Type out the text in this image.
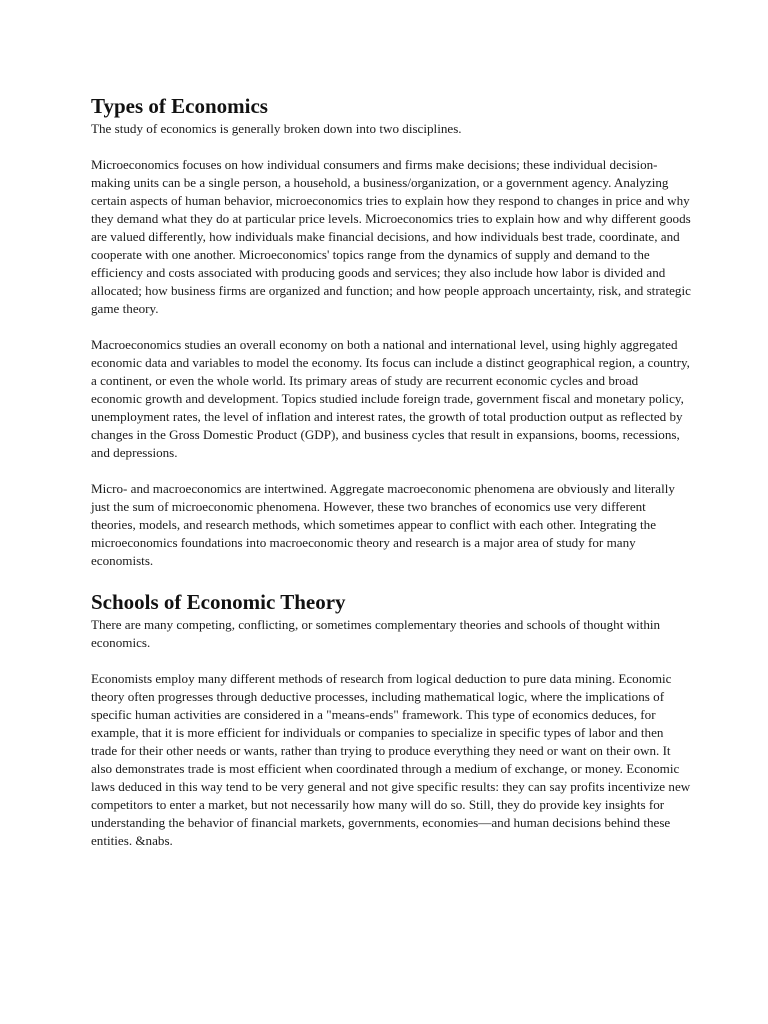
Types of Economics

The study of economics is generally broken down into two disciplines.

Microeconomics focuses on how individual consumers and firms make decisions; these individual decision-making units can be a single person, a household, a business/organization, or a government agency. Analyzing certain aspects of human behavior, microeconomics tries to explain how they respond to changes in price and why they demand what they do at particular price levels. Microeconomics tries to explain how and why different goods are valued differently, how individuals make financial decisions, and how individuals best trade, coordinate, and cooperate with one another. Microeconomics' topics range from the dynamics of supply and demand to the efficiency and costs associated with producing goods and services; they also include how labor is divided and allocated; how business firms are organized and function; and how people approach uncertainty, risk, and strategic game theory.

Macroeconomics studies an overall economy on both a national and international level, using highly aggregated economic data and variables to model the economy. Its focus can include a distinct geographical region, a country, a continent, or even the whole world. Its primary areas of study are recurrent economic cycles and broad economic growth and development. Topics studied include foreign trade, government fiscal and monetary policy, unemployment rates, the level of inflation and interest rates, the growth of total production output as reflected by changes in the Gross Domestic Product (GDP), and business cycles that result in expansions, booms, recessions, and depressions.

Micro- and macroeconomics are intertwined. Aggregate macroeconomic phenomena are obviously and literally just the sum of microeconomic phenomena. However, these two branches of economics use very different theories, models, and research methods, which sometimes appear to conflict with each other. Integrating the microeconomics foundations into macroeconomic theory and research is a major area of study for many economists.

Schools of Economic Theory

There are many competing, conflicting, or sometimes complementary theories and schools of thought within economics.

Economists employ many different methods of research from logical deduction to pure data mining. Economic theory often progresses through deductive processes, including mathematical logic, where the implications of specific human activities are considered in a "means-ends" framework. This type of economics deduces, for example, that it is more efficient for individuals or companies to specialize in specific types of labor and then trade for their other needs or wants, rather than trying to produce everything they need or want on their own. It also demonstrates trade is most efficient when coordinated through a medium of exchange, or money. Economic laws deduced in this way tend to be very general and not give specific results: they can say profits incentivize new competitors to enter a market, but not necessarily how many will do so. Still, they do provide key insights for understanding the behavior of financial markets, governments, economies—and human decisions behind these entities. &nabs.
